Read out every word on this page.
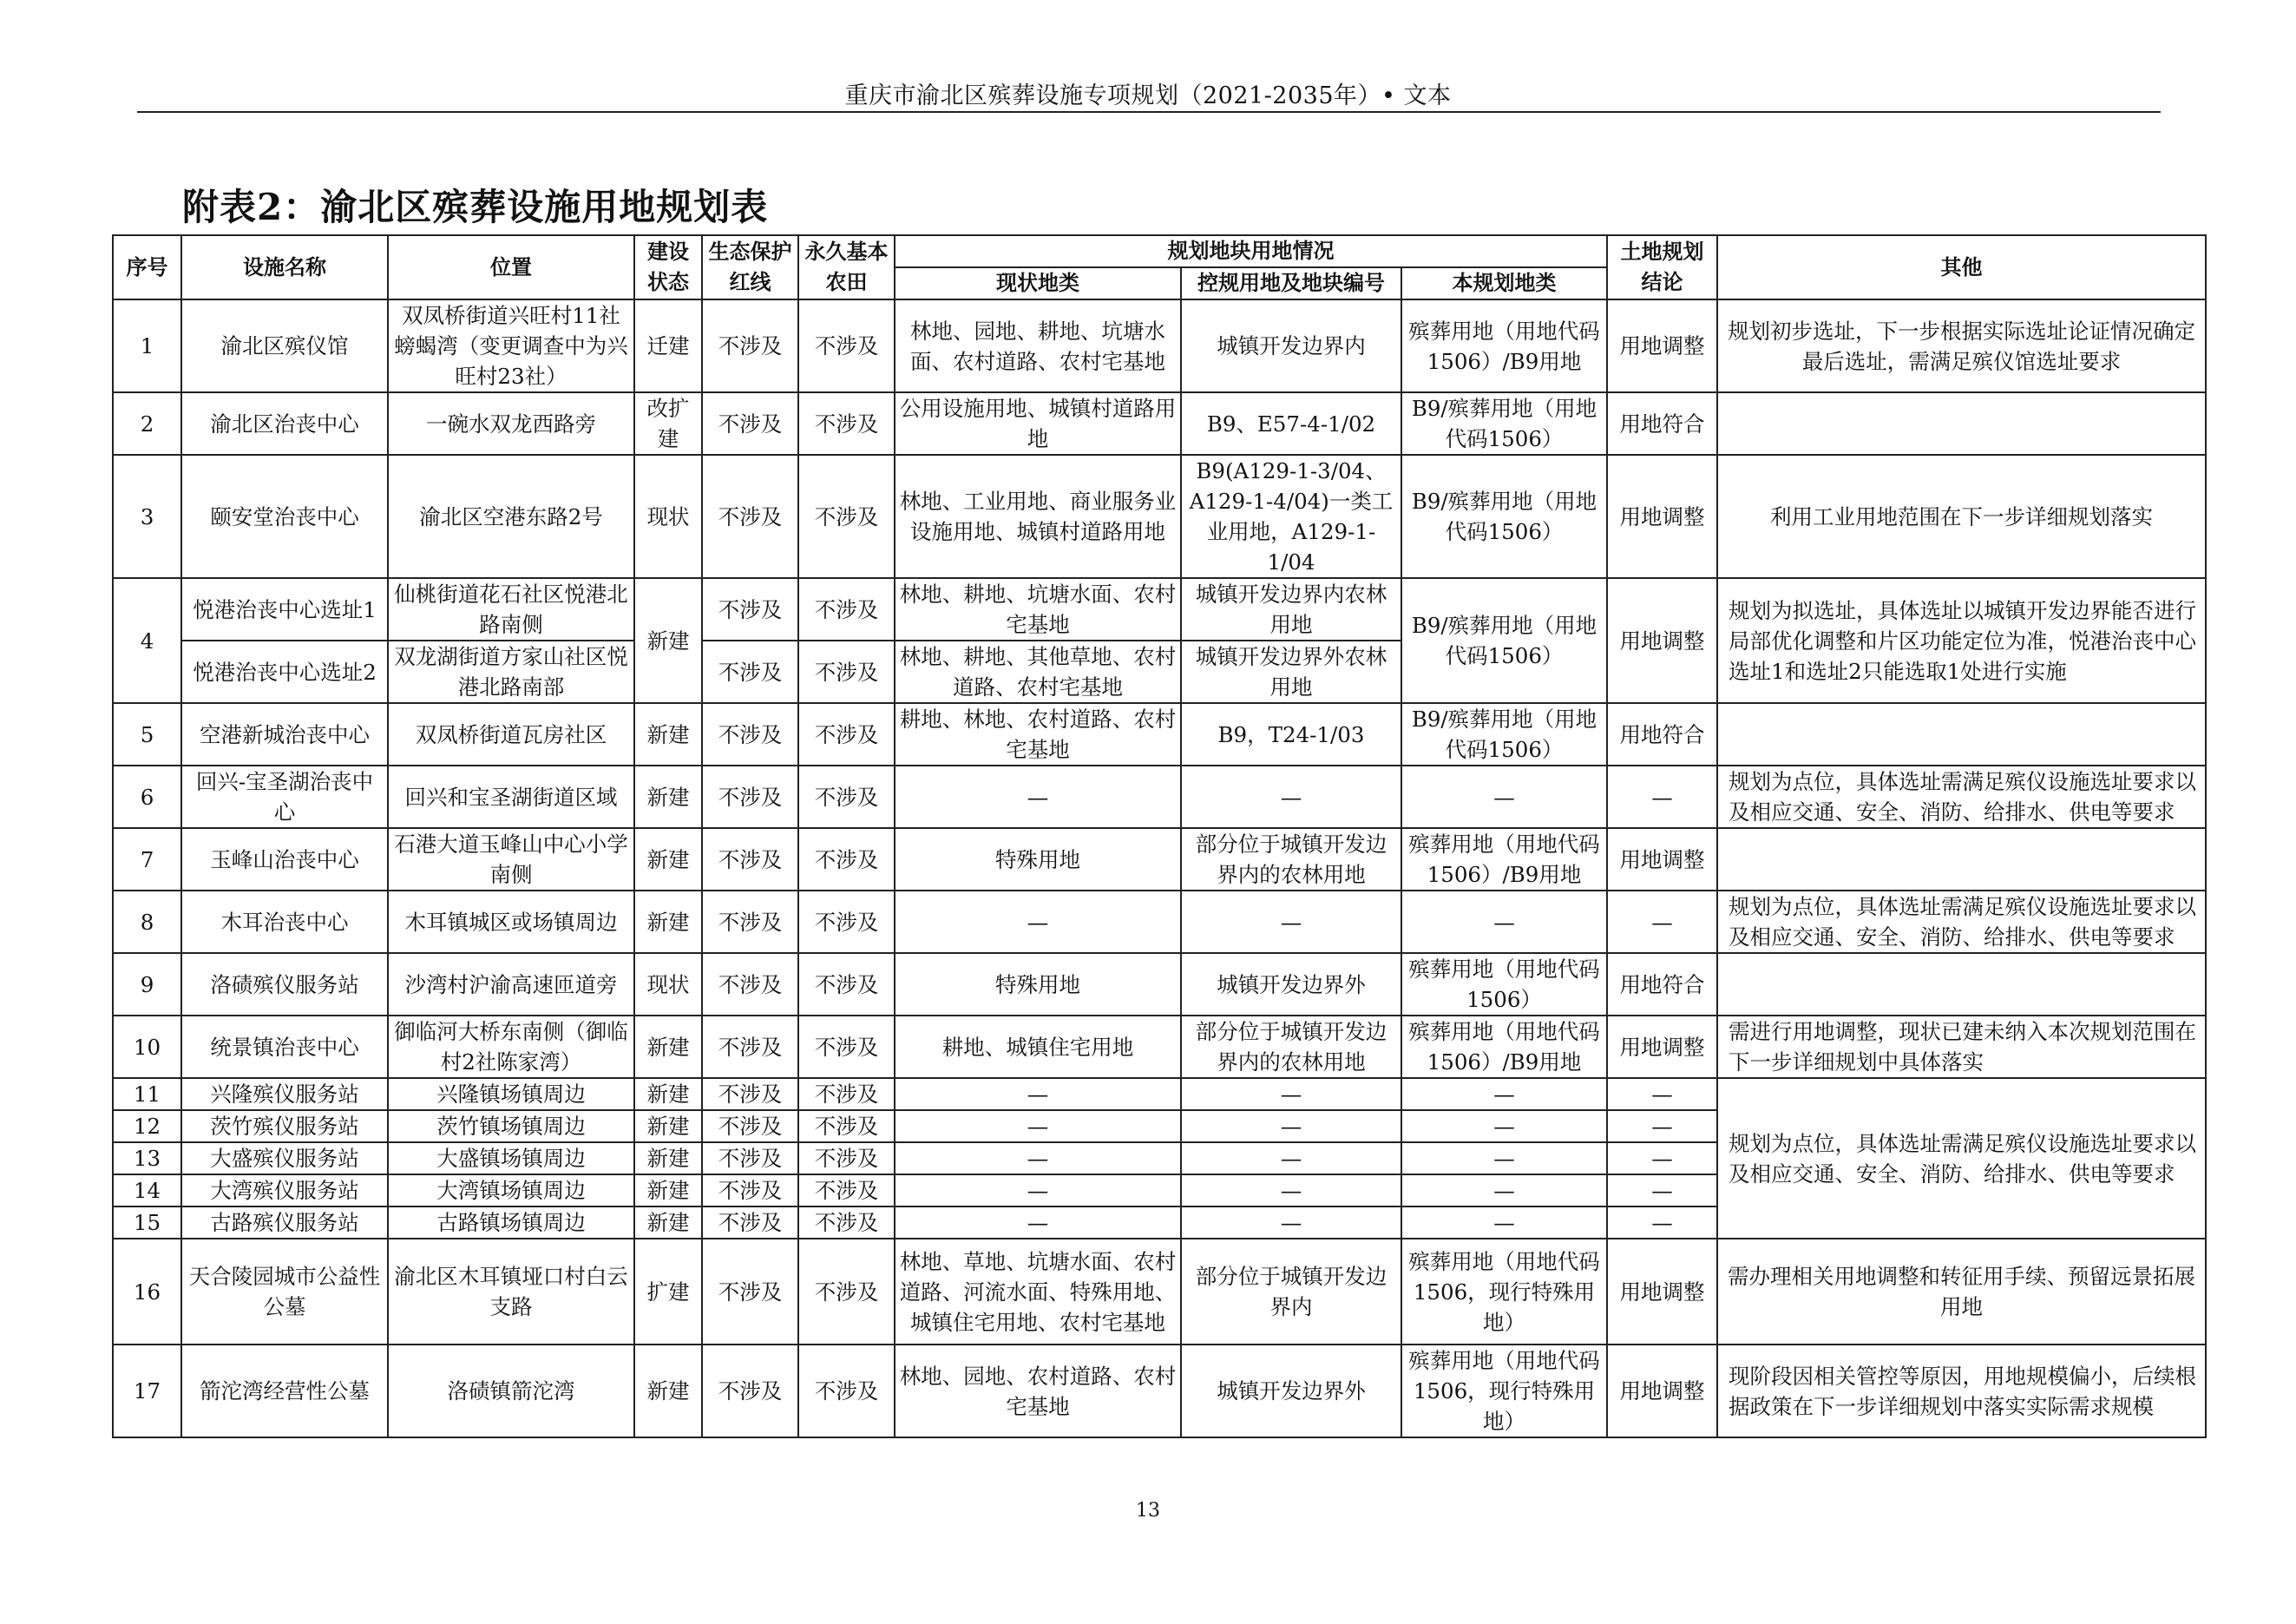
重庆市渝北区殡葬设施专项规划（2021-2035年）• 文本
附表2：渝北区殡葬设施用地规划表
序号	设施名称	位置	建设状态	生态保护红线	永久基本农田	规划地块用地情况			土地规划结论	其他
						现状地类	控规用地及地块编号	本规划地类		
1	渝北区殡仪馆	双凤桥街道兴旺村11社螃蝎湾（变更调查中为兴旺村23社）	迁建	不涉及	不涉及	林地、园地、耕地、坑塘水面、农村道路、农村宅基地	城镇开发边界内	殡葬用地（用地代码1506）/B9用地	用地调整	规划初步选址，下一步根据实际选址论证情况确定最后选址，需满足殡仪馆选址要求
2	渝北区治丧中心	一碗水双龙西路旁	改扩建	不涉及	不涉及	公用设施用地、城镇村道路用地	B9、E57-4-1/02	B9/殡葬用地（用地代码1506）	用地符合	
3	颐安堂治丧中心	渝北区空港东路2号	现状	不涉及	不涉及	林地、工业用地、商业服务业设施用地、城镇村道路用地	B9(A129-1-3/04、A129-1-4/04)一类工业用地，A129-1-1/04	B9/殡葬用地（用地代码1506）	用地调整	利用工业用地范围在下一步详细规划落实
4	悦港治丧中心选址1	仙桃街道花石社区悦港北路南侧	新建	不涉及	不涉及	林地、耕地、坑塘水面、农村宅基地	城镇开发边界内农林用地	B9/殡葬用地（用地代码1506）	用地调整	规划为拟选址，具体选址以城镇开发边界能否进行局部优化调整和片区功能定位为准，悦港治丧中心选址1和选址2只能选取1处进行实施
	悦港治丧中心选址2	双龙湖街道方家山社区悦港北路南部		不涉及	不涉及	林地、耕地、其他草地、农村道路、农村宅基地	城镇开发边界外农林用地			
5	空港新城治丧中心	双凤桥街道瓦房社区	新建	不涉及	不涉及	耕地、林地、农村道路、农村宅基地	B9，T24-1/03	B9/殡葬用地（用地代码1506）	用地符合	
6	回兴-宝圣湖治丧中心	回兴和宝圣湖街道区域	新建	不涉及	不涉及	—	—	—	—	规划为点位，具体选址需满足殡仪设施选址要求以及相应交通、安全、消防、给排水、供电等要求
7	玉峰山治丧中心	石港大道玉峰山中心小学南侧	新建	不涉及	不涉及	特殊用地	部分位于城镇开发边界内的农林用地	殡葬用地（用地代码1506）/B9用地	用地调整	
8	木耳治丧中心	木耳镇城区或场镇周边	新建	不涉及	不涉及	—	—	—	—	规划为点位，具体选址需满足殡仪设施选址要求以及相应交通、安全、消防、给排水、供电等要求
9	洛碛殡仪服务站	沙湾村沪渝高速匝道旁	现状	不涉及	不涉及	特殊用地	城镇开发边界外	殡葬用地（用地代码1506）	用地符合	
10	统景镇治丧中心	御临河大桥东南侧（御临村2社陈家湾）	新建	不涉及	不涉及	耕地、城镇住宅用地	部分位于城镇开发边界内的农林用地	殡葬用地（用地代码1506）/B9用地	用地调整	需进行用地调整，现状已建未纳入本次规划范围在下一步详细规划中具体落实
11	兴隆殡仪服务站	兴隆镇场镇周边	新建	不涉及	不涉及	—	—	—	—	规划为点位，具体选址需满足殡仪设施选址要求以及相应交通、安全、消防、给排水、供电等要求
12	茨竹殡仪服务站	茨竹镇场镇周边	新建	不涉及	不涉及	—	—	—	—	
13	大盛殡仪服务站	大盛镇场镇周边	新建	不涉及	不涉及	—	—	—	—	
14	大湾殡仪服务站	大湾镇场镇周边	新建	不涉及	不涉及	—	—	—	—	
15	古路殡仪服务站	古路镇场镇周边	新建	不涉及	不涉及	—	—	—	—	
16	天合陵园城市公益性公墓	渝北区木耳镇垭口村白云支路	扩建	不涉及	不涉及	林地、草地、坑塘水面、农村道路、河流水面、特殊用地、城镇住宅用地、农村宅基地	部分位于城镇开发边界内	殡葬用地（用地代码1506，现行特殊用地）	用地调整	需办理相关用地调整和转征用手续、预留远景拓展用地
17	箭沱湾经营性公墓	洛碛镇箭沱湾	新建	不涉及	不涉及	林地、园地、农村道路、农村宅基地	城镇开发边界外	殡葬用地（用地代码1506，现行特殊用地）	用地调整	现阶段因相关管控等原因，用地规模偏小，后续根据政策在下一步详细规划中落实实际需求规模
13
